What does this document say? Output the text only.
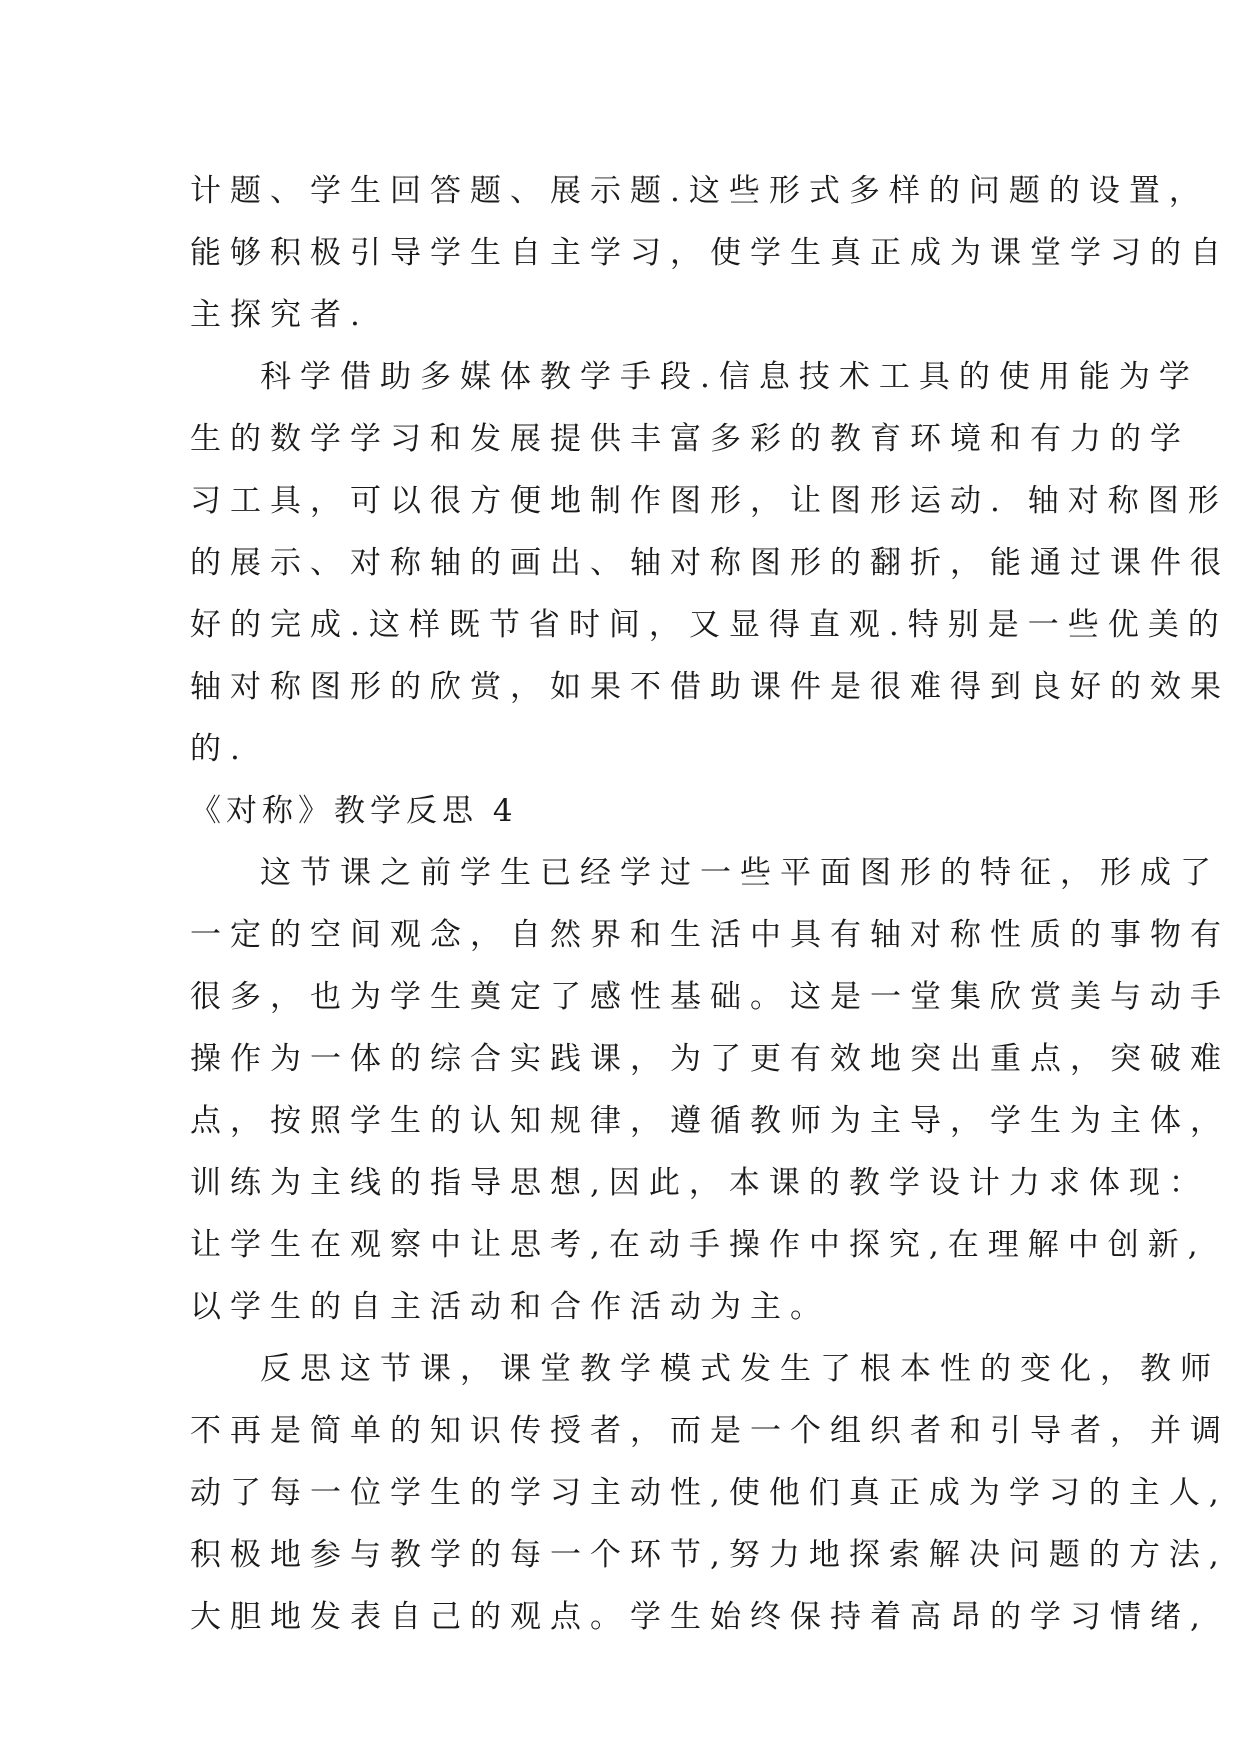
计题、学生回答题、展示题.这些形式多样的问题的设置，
能够积极引导学生自主学习，使学生真正成为课堂学习的自
主探究者.
科学借助多媒体教学手段.信息技术工具的使用能为学
生的数学学习和发展提供丰富多彩的教育环境和有力的学
习工具，可以很方便地制作图形，让图形运动. 轴对称图形
的展示、对称轴的画出、轴对称图形的翻折，能通过课件很
好的完成.这样既节省时间，又显得直观.特别是一些优美的
轴对称图形的欣赏，如果不借助课件是很难得到良好的效果
的.
《对称》教学反思 4
这节课之前学生已经学过一些平面图形的特征，形成了
一定的空间观念，自然界和生活中具有轴对称性质的事物有
很多，也为学生奠定了感性基础。这是一堂集欣赏美与动手
操作为一体的综合实践课，为了更有效地突出重点，突破难
点，按照学生的认知规律，遵循教师为主导，学生为主体，
训练为主线的指导思想,因此，本课的教学设计力求体现：
让学生在观察中让思考,在动手操作中探究,在理解中创新,
以学生的自主活动和合作活动为主。
反思这节课，课堂教学模式发生了根本性的变化，教师
不再是简单的知识传授者，而是一个组织者和引导者，并调
动了每一位学生的学习主动性,使他们真正成为学习的主人,
积极地参与教学的每一个环节,努力地探索解决问题的方法,
大胆地发表自己的观点。学生始终保持着高昂的学习情绪,
